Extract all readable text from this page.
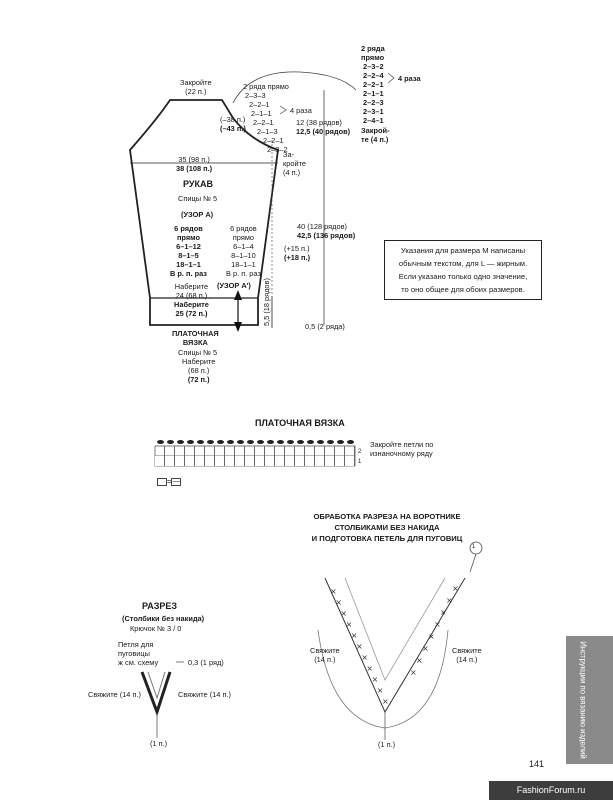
×
×
×
×
×
×
×
×
×
×
×
×
×
×
×
×
×
×
×
Закройте
(22 п.)
(–38 п.)
(–43 п.)
35 (98 п.)
38 (108 п.)
РУКАВ
Спицы № 5
(УЗОР А)
6 рядов
прямо
6–1–12
8–1–5
18–1–1
В р. п. раз
6 рядов
прямо
6–1–4
8–1–10
18–1–1
В р. п. раз
(+15 п.)
(+18 п.)
Наберите
24 (68 п.)
Наберите
25 (72 п.)
(УЗОР А') 5,5 (18 рядов)
ПЛАТОЧНАЯ
ВЯЗКА
Спицы № 5
Наберите
(68 п.)
(72 п.)
2 ряда прямо
2–3–3
2–2–1
2–1–1
2–2–1
2–1–3
2–2–1
2–3–2
4 раза
12 (38 рядов)
12,5 (40 рядов)
За-
кройте
(4 п.)
40 (128 рядов)
42,5 (136 рядов)
0,5 (2 ряда)
2 ряда
прямо
2–3–2
2–2–4
2–2–1
2–1–1
2–2–3
2–3–1
2–4–1
4 раза
Закрой-
те (4 п.)
Указания для размера М написаны
обычным текстом, для L — жирным.
Если указано только одно значение,
то оно общее для обоих размеров.
ПЛАТОЧНАЯ ВЯЗКА
Закройте петли по
изнаночному ряду
2
1
=—
РАЗРЕЗ
(Столбики без накида)
Крючок № 3 / 0
Петля для
пуговицы
ж см. схему	0,3 (1 ряд)
Свяжите (14 п.)	Свяжите (14 п.)
(1 п.)
ОБРАБОТКА РАЗРЕЗА НА ВОРОТНИКЕ
СТОЛБИКАМИ БЕЗ НАКИДА
И ПОДГОТОВКА ПЕТЕЛЬ ДЛЯ ПУГОВИЦ
1
Свяжите
(14 п.)
Свяжите
(14 п.)
(1 п.)	Инструкции по вязанию изделий
141
FashionForum.ru
